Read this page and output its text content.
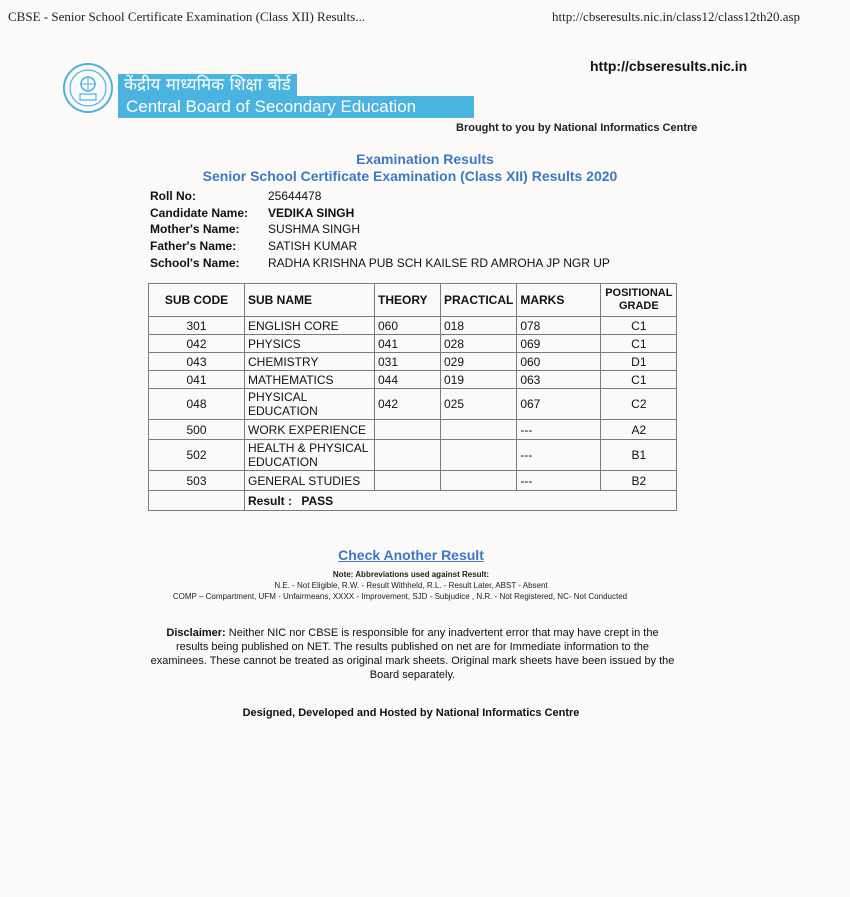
CBSE - Senior School Certificate Examination (Class XII) Results...	http://cbseresults.nic.in/class12/class12th20.asp
http://cbseresults.nic.in
केंद्रीय माध्यमिक शिक्षा बोर्ड
Central Board of Secondary Education
Brought to you by National Informatics Centre
Examination Results
Senior School Certificate Examination (Class XII) Results 2020
Roll No:	25644478
Candidate Name: VEDIKA SINGH
Mother's Name: SUSHMA SINGH
Father's Name:	SATISH KUMAR
School's Name: RADHA KRISHNA PUB SCH KAILSE RD AMROHA JP NGR UP
SUB CODE	SUB NAME	THEORY	PRACTICAL	MARKS	POSITIONAL GRADE
301	ENGLISH CORE	060	018	078	C1
042	PHYSICS	041	028	069	C1
043	CHEMISTRY	031	029	060	D1
041	MATHEMATICS	044	019	063	C1
048	PHYSICAL EDUCATION	042	025	067	C2
500	WORK EXPERIENCE			---	A2
502	HEALTH & PHYSICAL EDUCATION			---	B1
503	GENERAL STUDIES			---	B2
	Result : PASS				
Check Another Result
Note: Abbreviations used against Result:
N.E. - Not Eligible, R.W. - Result Withheld, R.L. - Result Later, ABST - Absent
COMP – Compartment, UFM - Unfairmeans, XXXX - Improvement, SJD - Subjudice , N.R. - Not Registered, NC- Not Conducted
Disclaimer: Neither NIC nor CBSE is responsible for any inadvertent error that may have crept in the results being published on NET. The results published on net are for Immediate information to the examinees. These cannot be treated as original mark sheets. Original mark sheets have been issued by the Board separately.
Designed, Developed and Hosted by National Informatics Centre
